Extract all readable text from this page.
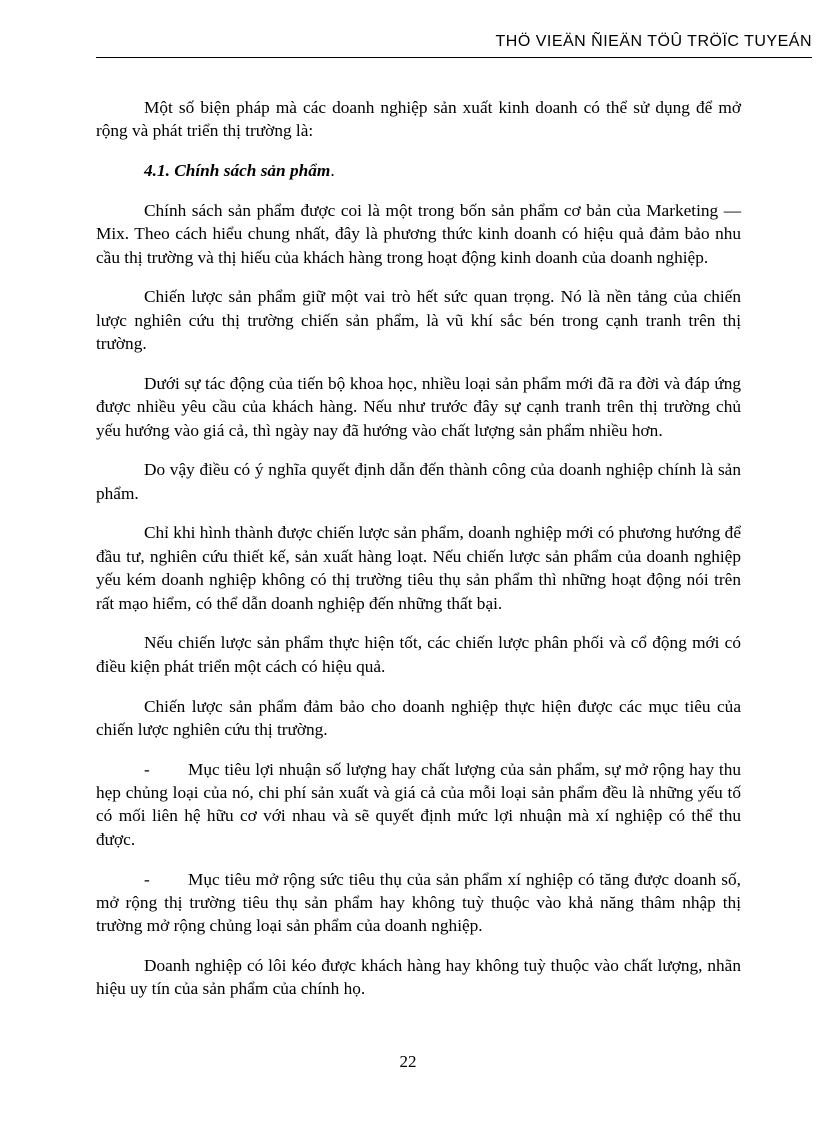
THÖ VIEÄN ÑIEÄN TÖÛ TRÖÏC TUYEÁN

Một số biện pháp mà các doanh nghiệp sản xuất kinh doanh có thể sử dụng để mở rộng và phát triển thị trường là:

4.1. Chính sách sản phẩm.

Chính sách sản phẩm được coi là một trong bốn sản phẩm cơ bản của Marketing — Mix. Theo cách hiểu chung nhất, đây là phương thức kinh doanh có hiệu quả đảm bảo nhu cầu thị trường và thị hiếu của khách hàng trong hoạt động kinh doanh của doanh nghiệp.

Chiến lược sản phẩm giữ một vai trò hết sức quan trọng. Nó là nền tảng của chiến lược nghiên cứu thị trường chiến sản phẩm, là vũ khí sắc bén trong cạnh tranh trên thị trường.

Dưới sự tác động của tiến bộ khoa học, nhiều loại sản phẩm mới đã ra đời và đáp ứng được nhiều yêu cầu của khách hàng. Nếu như trước đây sự cạnh tranh trên thị trường chủ yếu hướng vào giá cả, thì ngày nay đã hướng vào chất lượng sản phẩm nhiều hơn.

Do vậy điều có ý nghĩa quyết định dẫn đến thành công của doanh nghiệp chính là sản phẩm.

Chỉ khi hình thành được chiến lược sản phẩm, doanh nghiệp mới có phương hướng để đầu tư, nghiên cứu thiết kế, sản xuất hàng loạt. Nếu chiến lược sản phẩm của doanh nghiệp yếu kém doanh nghiệp không có thị trường tiêu thụ sản phẩm thì những hoạt động nói trên rất mạo hiểm, có thể dẫn doanh nghiệp đến những thất bại.

Nếu chiến lược sản phẩm thực hiện tốt, các chiến lược phân phối và cổ động mới có điều kiện phát triển một cách có hiệu quả.

Chiến lược sản phẩm đảm bảo cho doanh nghiệp thực hiện được các mục tiêu của chiến lược nghiên cứu thị trường.

- Mục tiêu lợi nhuận số lượng hay chất lượng của sản phẩm, sự mở rộng hay thu hẹp chủng loại của nó, chi phí sản xuất và giá cả của mỗi loại sản phẩm đều là những yếu tố có mối liên hệ hữu cơ với nhau và sẽ quyết định mức lợi nhuận mà xí nghiệp có thể thu được.

- Mục tiêu mở rộng sức tiêu thụ của sản phẩm xí nghiệp có tăng được doanh số, mở rộng thị trường tiêu thụ sản phẩm hay không tuỳ thuộc vào khả năng thâm nhập thị trường mở rộng chủng loại sản phẩm của doanh nghiệp.

Doanh nghiệp có lôi kéo được khách hàng hay không tuỳ thuộc vào chất lượng, nhãn hiệu uy tín của sản phẩm của chính họ.

22
